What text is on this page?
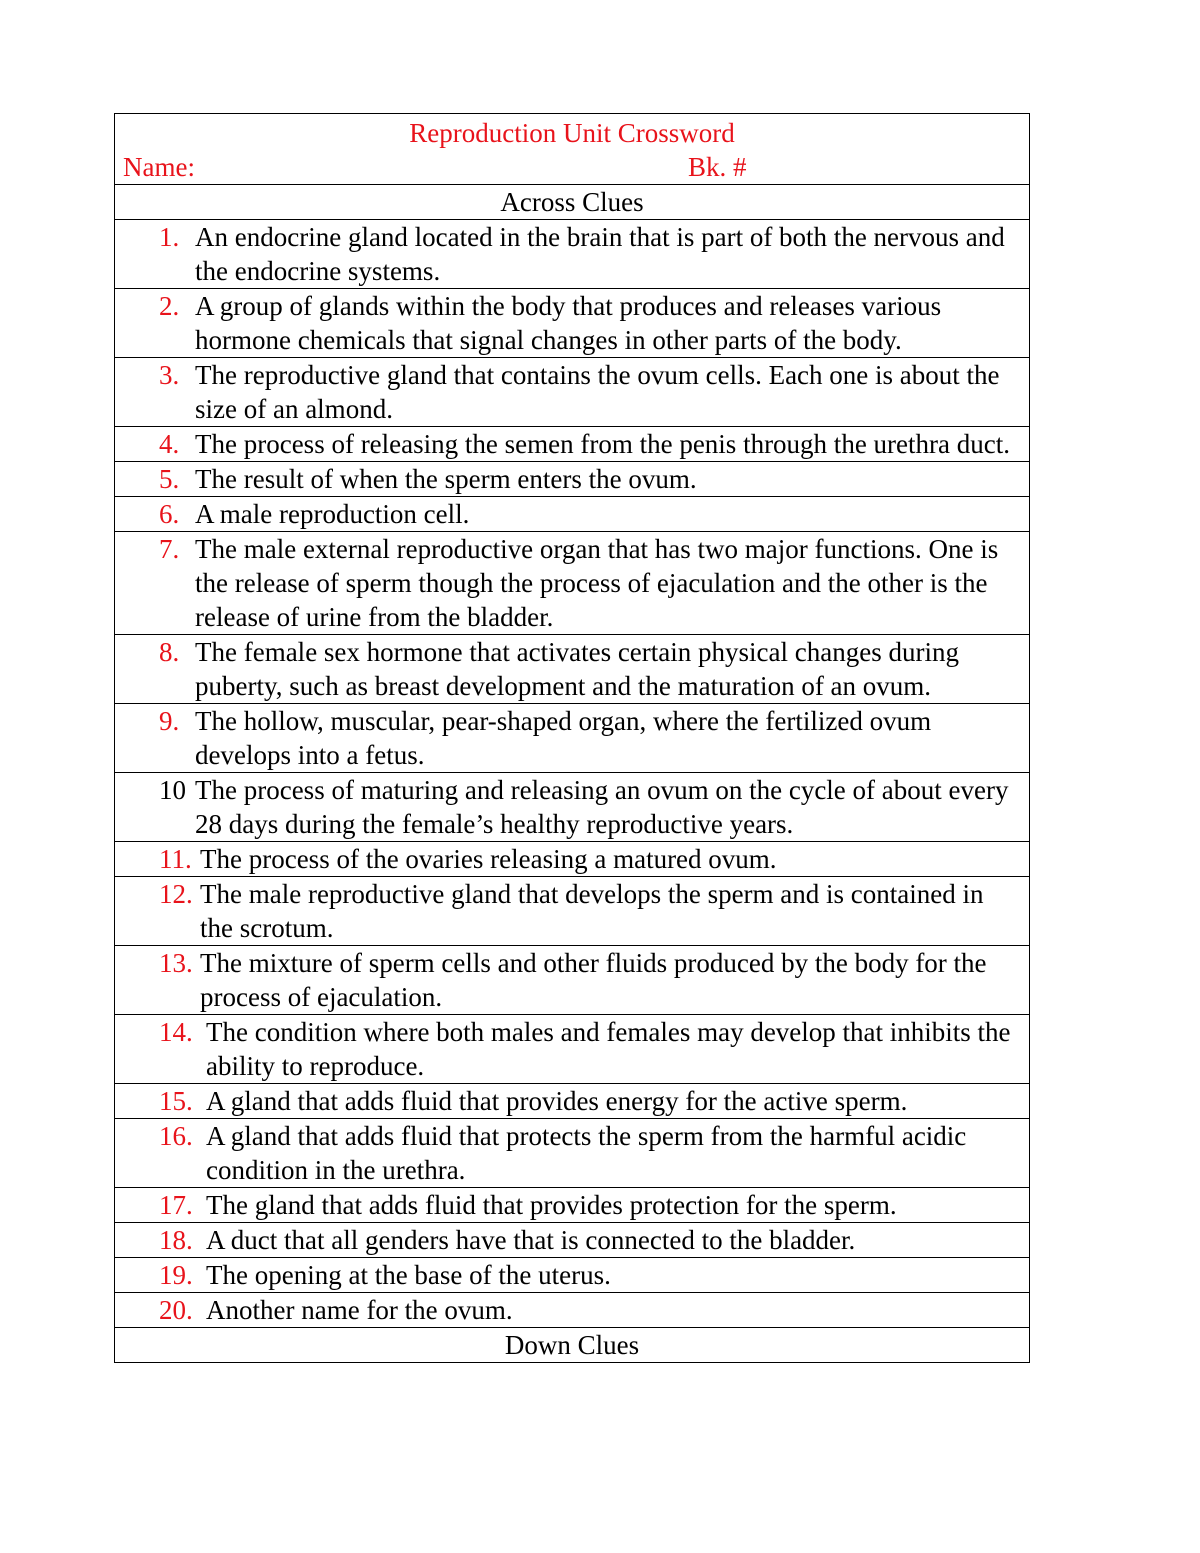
Reproduction Unit Crossword
Name:	Bk. #

Across Clues

1. An endocrine gland located in the brain that is part of both the nervous and the endocrine systems.

2. A group of glands within the body that produces and releases various hormone chemicals that signal changes in other parts of the body.

3. The reproductive gland that contains the ovum cells. Each one is about the size of an almond.

4. The process of releasing the semen from the penis through the urethra duct.

5. The result of when the sperm enters the ovum.

6. A male reproduction cell.

7. The male external reproductive organ that has two major functions. One is the release of sperm though the process of ejaculation and the other is the release of urine from the bladder.

8. The female sex hormone that activates certain physical changes during puberty, such as breast development and the maturation of an ovum.

9. The hollow, muscular, pear-shaped organ, where the fertilized ovum develops into a fetus.

10 The process of maturing and releasing an ovum on the cycle of about every 28 days during the female’s healthy reproductive years.

11. The process of the ovaries releasing a matured ovum.

12. The male reproductive gland that develops the sperm and is contained in the scrotum.

13. The mixture of sperm cells and other fluids produced by the body for the process of ejaculation.

14. The condition where both males and females may develop that inhibits the ability to reproduce.

15. A gland that adds fluid that provides energy for the active sperm.

16. A gland that adds fluid that protects the sperm from the harmful acidic condition in the urethra.

17. The gland that adds fluid that provides protection for the sperm.

18. A duct that all genders have that is connected to the bladder.

19. The opening at the base of the uterus.

20. Another name for the ovum.

Down Clues
